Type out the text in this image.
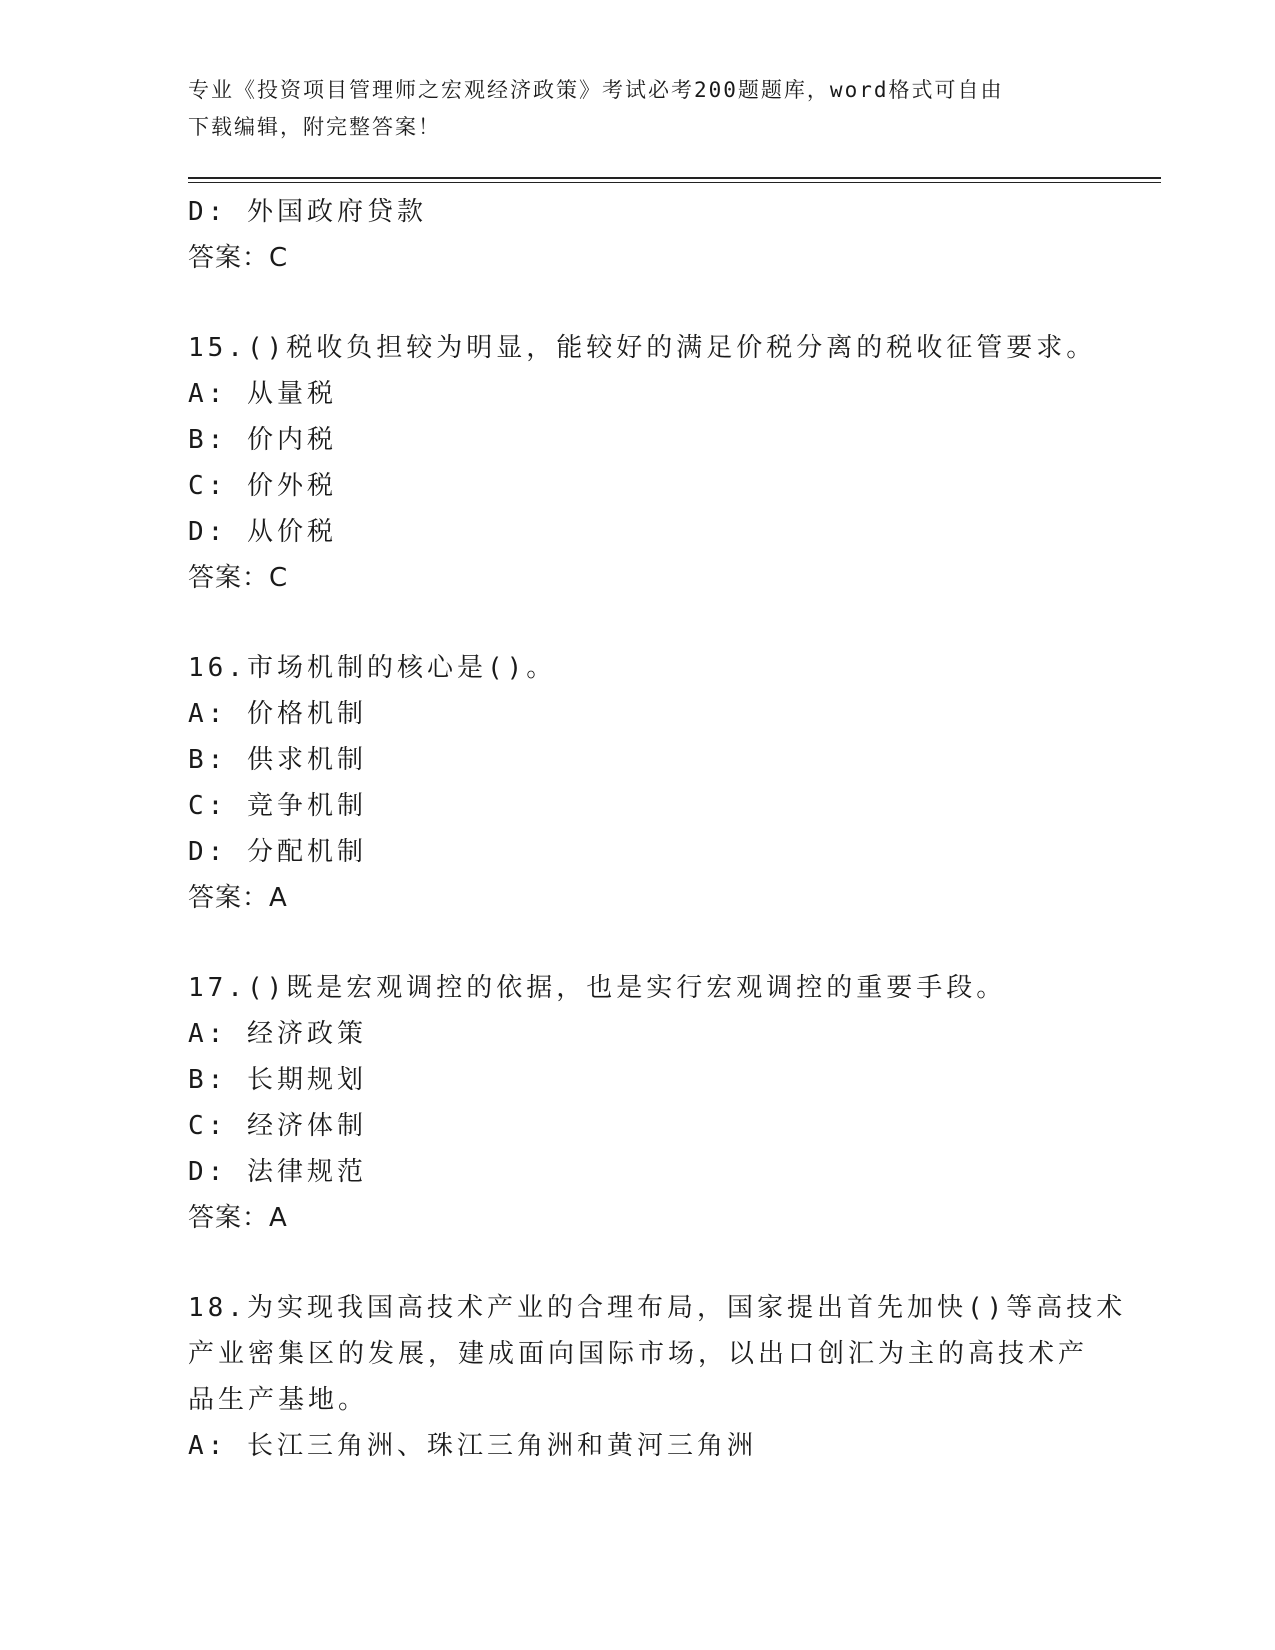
专业《投资项目管理师之宏观经济政策》考试必考200题题库，word格式可自由
下载编辑，附完整答案！
D: 外国政府贷款
答案：C
15.()税收负担较为明显，能较好的满足价税分离的税收征管要求。
A: 从量税
B: 价内税
C: 价外税
D: 从价税
答案：C
16.市场机制的核心是()。
A: 价格机制
B: 供求机制
C: 竞争机制
D: 分配机制
答案：A
17.()既是宏观调控的依据，也是实行宏观调控的重要手段。
A: 经济政策
B: 长期规划
C: 经济体制
D: 法律规范
答案：A
18.为实现我国高技术产业的合理布局，国家提出首先加快()等高技术
产业密集区的发展，建成面向国际市场，以出口创汇为主的高技术产
品生产基地。
A: 长江三角洲、珠江三角洲和黄河三角洲
